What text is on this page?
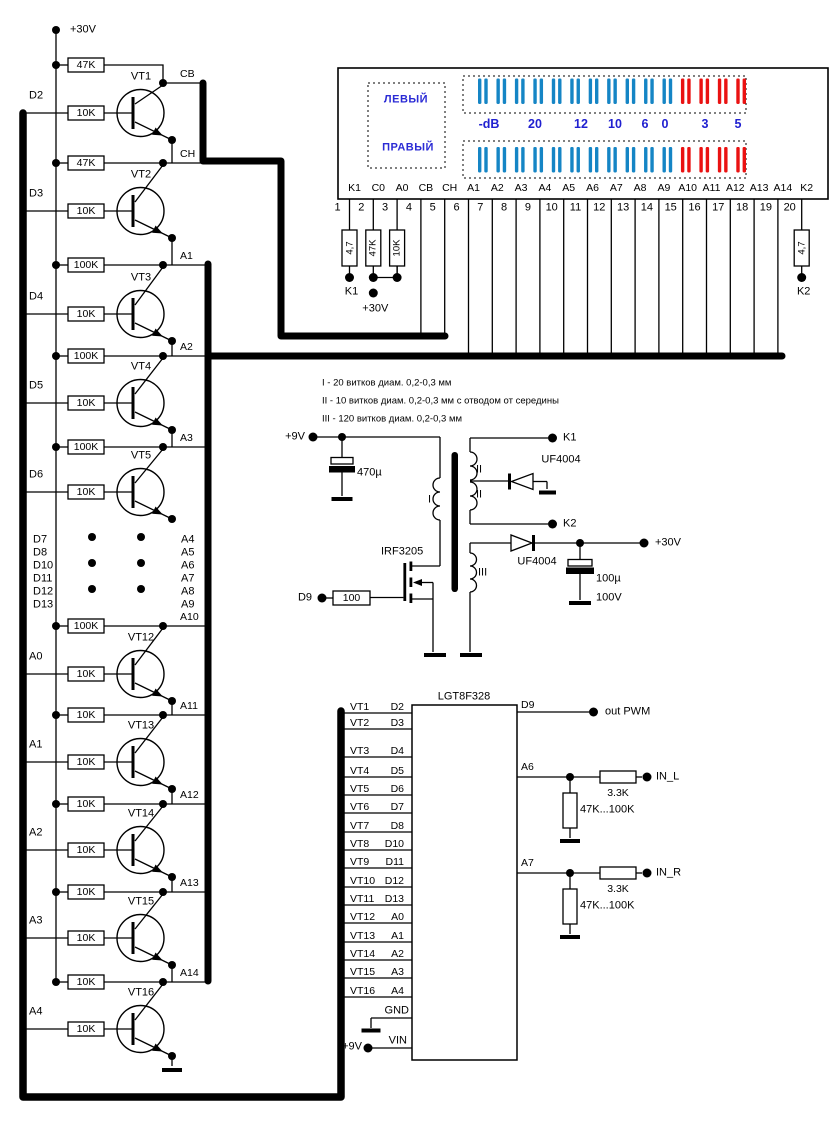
47K
CB
10K
D2
VT1
47K
CH
10K
D3
VT2
100K
A1
10K
D4
VT3
100K
A2
10K
D5
VT4
100K
A3
10K
D6
VT5
100K
A10
10K
A0
VT12
10K
A11
10K
A1
VT13
10K
A12
10K
A2
VT14
10K
A13
10K
A3
VT15
10K
A14
10K
A4
VT16
+30V
D7
D8
D10
D11
D12
D13
A4
A5
A6
A7
A8
A9
ЛЕВЫЙ
ПРАВЫЙ
-dB 20	12 10 6 0	3 5
K1
1
C0
2
A0
3
CB
4
CH
5
A1
6
A2
7
A3
8
A4
9
A5
10
A6
11
A7
12
A8
13
A9
14
A10
15
A11
16
A12
17
A13
18
A14
19
K2
20
4,7 47K 10K	4,7
K1	K2
+30V
+9V
470µ
I
IRF3205
100
D9
II
II
III
UF4004
UF4004
K1
K2
+30V
100µ
100V
I - 20 витков диам. 0,2-0,3 мм
II - 10 витков диам. 0,2-0,3 мм с отводом от середины
III - 120 витков диам. 0,2-0,3 мм
LGT8F328
VT1 D2
VT2 D3
VT3 D4
VT4 D5
VT5 D6
VT6 D7
VT7 D8
VT8 D10
VT9 D11
VT10 D12
VT11 D13
VT12 A0
VT13 A1
VT14 A2
VT15 A3
VT16 A4
GND
VIN
+9V
D9
out PWM
A6
IN_L
3.3K
47K...100K
A7
IN_R
3.3K
47K...100K
